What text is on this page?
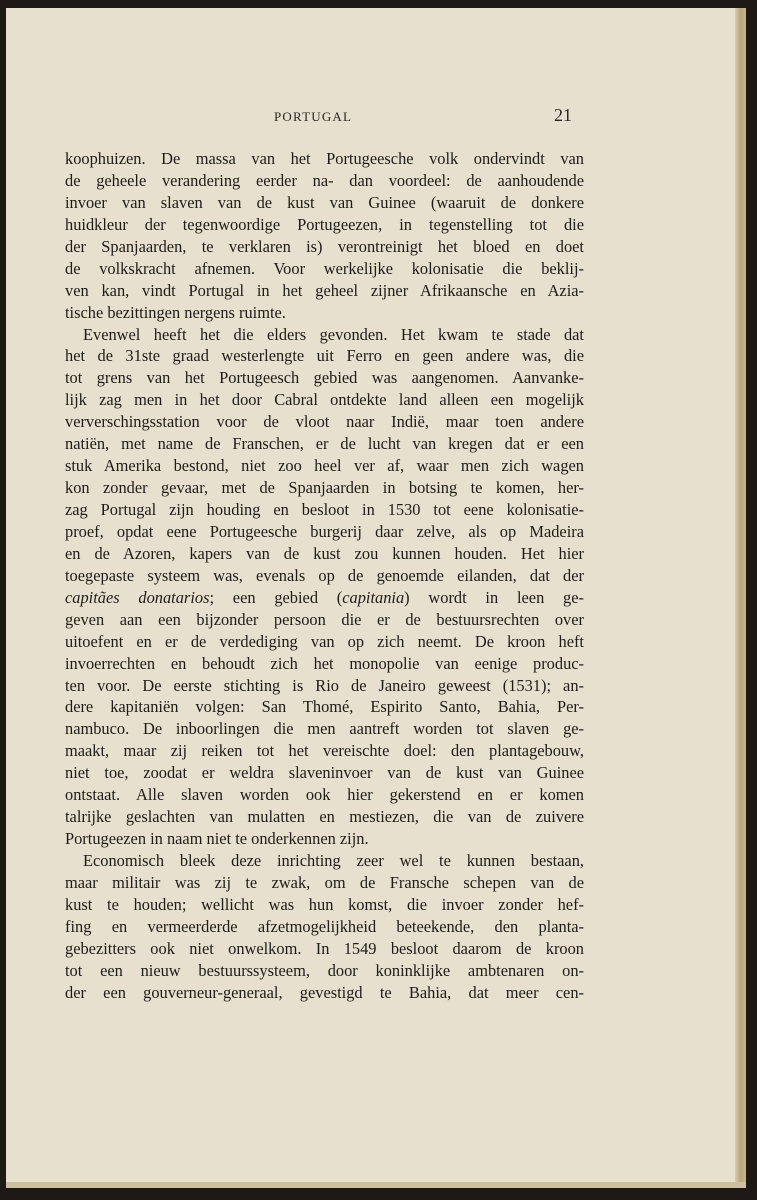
PORTUGAL	21
koophuizen. De massa van het Portugeesche volk ondervindt van
de geheele verandering eerder na- dan voordeel: de aanhoudende
invoer van slaven van de kust van Guinee (waaruit de donkere
huidkleur der tegenwoordige Portugeezen, in tegenstelling tot die
der Spanjaarden, te verklaren is) verontreinigt het bloed en doet
de volkskracht afnemen. Voor werkelijke kolonisatie die beklij-
ven kan, vindt Portugal in het geheel zijner Afrikaansche en Azia-
tische bezittingen nergens ruimte.
Evenwel heeft het die elders gevonden. Het kwam te stade dat
het de 31ste graad westerlengte uit Ferro en geen andere was, die
tot grens van het Portugeesch gebied was aangenomen. Aanvanke-
lijk zag men in het door Cabral ontdekte land alleen een mogelijk
ververschingsstation voor de vloot naar Indië, maar toen andere
natiën, met name de Franschen, er de lucht van kregen dat er een
stuk Amerika bestond, niet zoo heel ver af, waar men zich wagen
kon zonder gevaar, met de Spanjaarden in botsing te komen, her-
zag Portugal zijn houding en besloot in 1530 tot eene kolonisatie-
proef, opdat eene Portugeesche burgerij daar zelve, als op Madeira
en de Azoren, kapers van de kust zou kunnen houden. Het hier
toegepaste systeem was, evenals op de genoemde eilanden, dat der
capitães donatarios; een gebied (capitania) wordt in leen ge-
geven aan een bijzonder persoon die er de bestuursrechten over
uitoefent en er de verdediging van op zich neemt. De kroon heft
invoerrechten en behoudt zich het monopolie van eenige produc-
ten voor. De eerste stichting is Rio de Janeiro geweest (1531); an-
dere kapitaniën volgen: San Thomé, Espirito Santo, Bahia, Per-
nambuco. De inboorlingen die men aantreft worden tot slaven ge-
maakt, maar zij reiken tot het vereischte doel: den plantagebouw,
niet toe, zoodat er weldra slaveninvoer van de kust van Guinee
ontstaat. Alle slaven worden ook hier gekerstend en er komen
talrijke geslachten van mulatten en mestiezen, die van de zuivere
Portugeezen in naam niet te onderkennen zijn.
Economisch bleek deze inrichting zeer wel te kunnen bestaan,
maar militair was zij te zwak, om de Fransche schepen van de
kust te houden; wellicht was hun komst, die invoer zonder hef-
fing en vermeerderde afzetmogelijkheid beteekende, den planta-
gebezitters ook niet onwelkom. In 1549 besloot daarom de kroon
tot een nieuw bestuurssysteem, door koninklijke ambtenaren on-
der een gouverneur-generaal, gevestigd te Bahia, dat meer cen-
